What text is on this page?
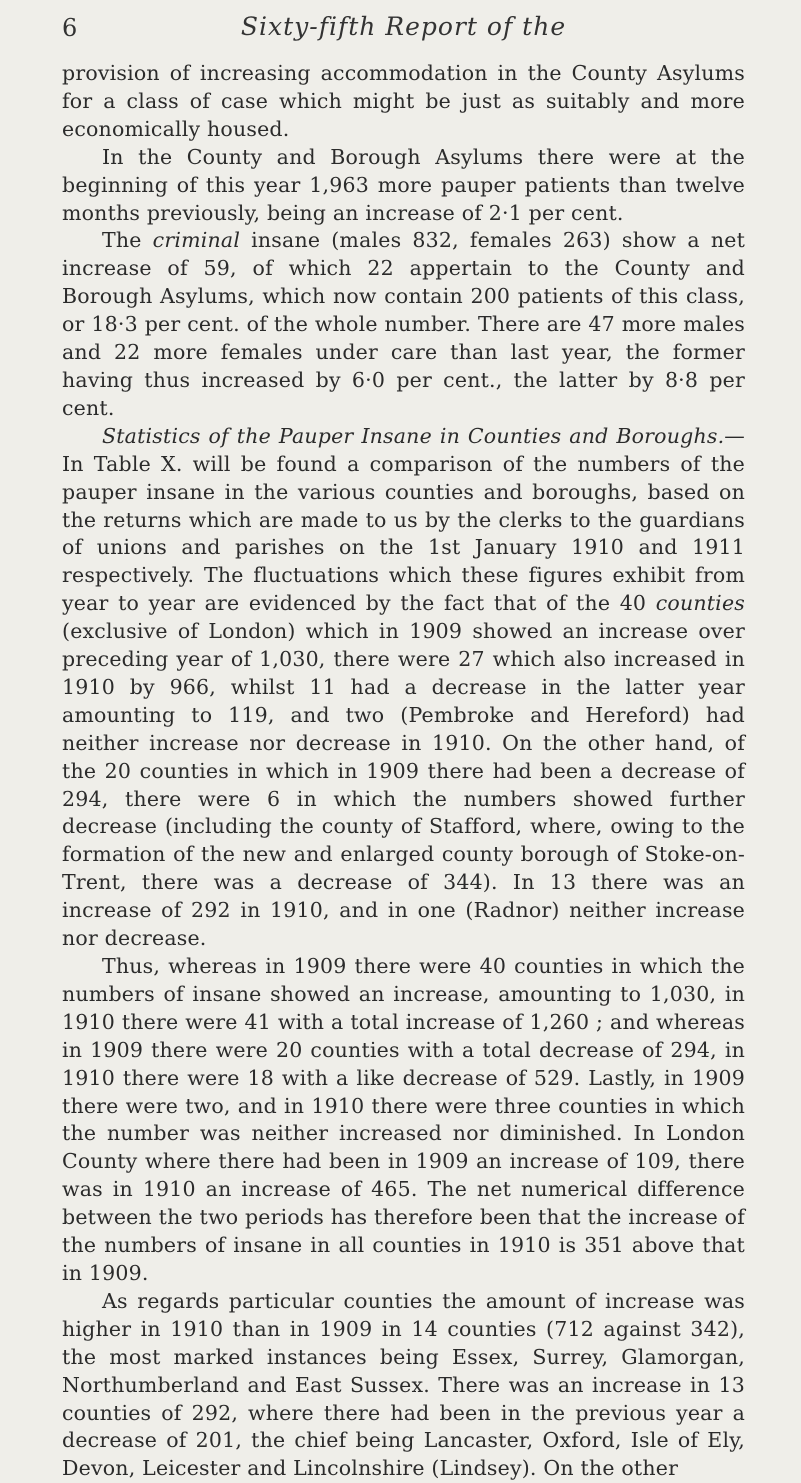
6	Sixty-fifth Report of the

provision of increasing accommodation in the County Asylums for a class of case which might be just as suitably and more economically housed.

In the County and Borough Asylums there were at the beginning of this year 1,963 more pauper patients than twelve months previously, being an increase of 2·1 per cent.

The criminal insane (males 832, females 263) show a net increase of 59, of which 22 appertain to the County and Borough Asylums, which now contain 200 patients of this class, or 18·3 per cent. of the whole number. There are 47 more males and 22 more females under care than last year, the former having thus increased by 6·0 per cent., the latter by 8·8 per cent.

Statistics of the Pauper Insane in Counties and Boroughs.— In Table X. will be found a comparison of the numbers of the pauper insane in the various counties and boroughs, based on the returns which are made to us by the clerks to the guardians of unions and parishes on the 1st January 1910 and 1911 respectively. The fluctuations which these figures exhibit from year to year are evidenced by the fact that of the 40 counties (exclusive of London) which in 1909 showed an increase over preceding year of 1,030, there were 27 which also increased in 1910 by 966, whilst 11 had a decrease in the latter year amounting to 119, and two (Pembroke and Hereford) had neither increase nor decrease in 1910. On the other hand, of the 20 counties in which in 1909 there had been a decrease of 294, there were 6 in which the numbers showed further decrease (including the county of Stafford, where, owing to the formation of the new and enlarged county borough of Stoke-on-Trent, there was a decrease of 344). In 13 there was an increase of 292 in 1910, and in one (Radnor) neither increase nor decrease.

Thus, whereas in 1909 there were 40 counties in which the numbers of insane showed an increase, amounting to 1,030, in 1910 there were 41 with a total increase of 1,260 ; and whereas in 1909 there were 20 counties with a total decrease of 294, in 1910 there were 18 with a like decrease of 529. Lastly, in 1909 there were two, and in 1910 there were three counties in which the number was neither increased nor diminished. In London County where there had been in 1909 an increase of 109, there was in 1910 an increase of 465. The net numerical difference between the two periods has therefore been that the increase of the numbers of insane in all counties in 1910 is 351 above that in 1909.

As regards particular counties the amount of increase was higher in 1910 than in 1909 in 14 counties (712 against 342), the most marked instances being Essex, Surrey, Glamorgan, Northumberland and East Sussex. There was an increase in 13 counties of 292, where there had been in the previous year a decrease of 201, the chief being Lancaster, Oxford, Isle of Ely, Devon, Leicester and Lincolnshire (Lindsey). On the other
